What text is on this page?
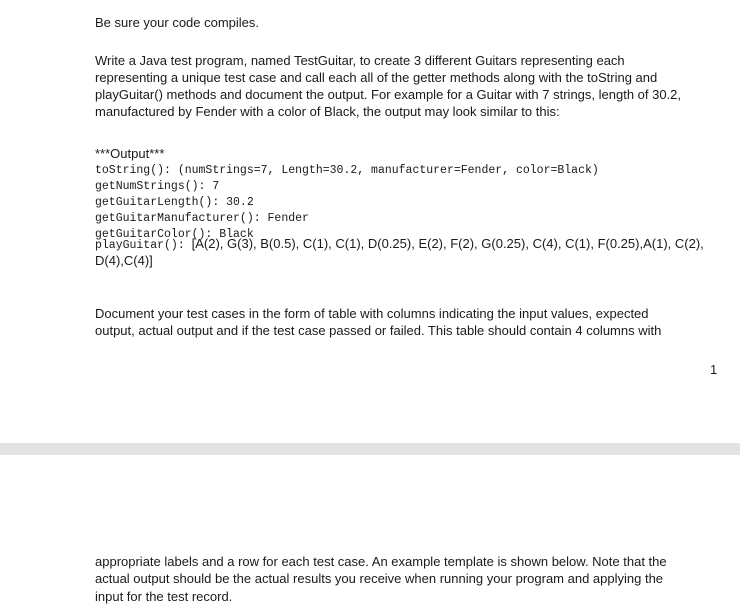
Be sure your code compiles.
Write a Java test program, named TestGuitar, to create 3 different Guitars representing each
representing a unique test case and call each all of the getter methods along with the toString and
playGuitar() methods and document the output. For example for a Guitar with 7 strings, length of 30.2,
manufactured by Fender with a color of Black, the output may look similar to this:
***Output***
toString(): (numStrings=7, Length=30.2, manufacturer=Fender, color=Black)
getNumStrings(): 7
getGuitarLength(): 30.2
getGuitarManufacturer(): Fender
getGuitarColor(): Black
playGuitar(): [A(2), G(3), B(0.5), C(1), C(1), D(0.25), E(2), F(2), G(0.25), C(4), C(1), F(0.25),A(1), C(2),
D(4),C(4)]
Document your test cases in the form of table with columns indicating the input values, expected
output, actual output and if the test case passed or failed. This table should contain 4 columns with
1
appropriate labels and a row for each test case. An example template is shown below. Note that the
actual output should be the actual results you receive when running your program and applying the
input for the test record.
